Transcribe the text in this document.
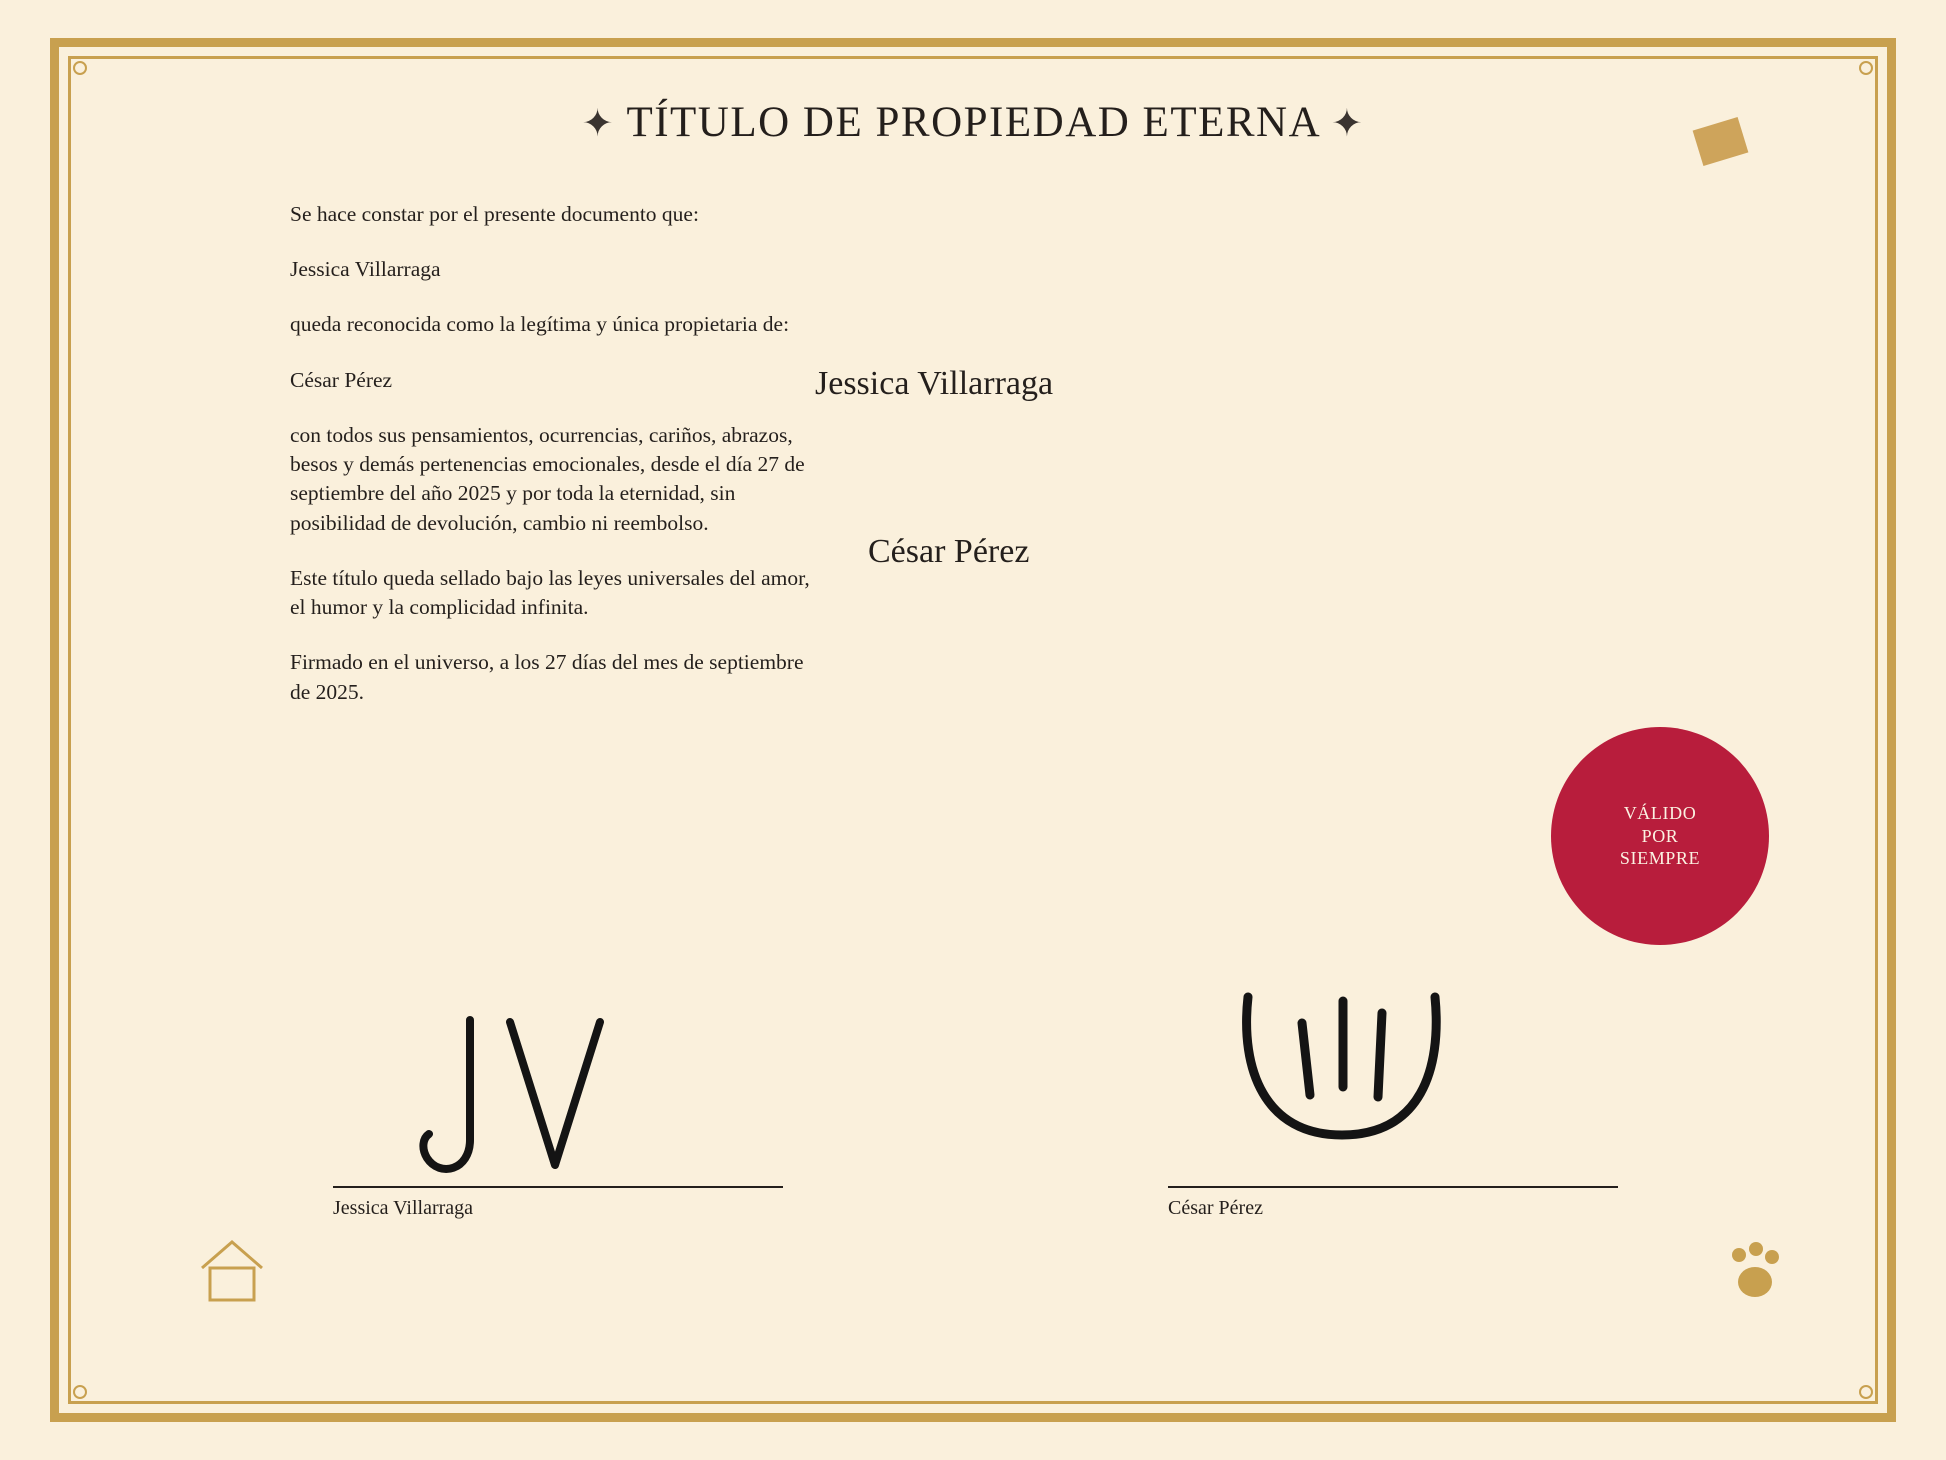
✦ TÍTULO DE PROPIEDAD ETERNA ✦

Se hace constar por el presente documento que:

Jessica Villarraga

queda reconocida como la legítima y única propietaria de:

César Pérez

con todos sus pensamientos, ocurrencias, cariños, abrazos, besos y demás pertenencias emocionales, desde el día 27 de septiembre del año 2025 y por toda la eternidad, sin posibilidad de devolución, cambio ni reembolso.

Este título queda sellado bajo las leyes universales del amor, el humor y la complicidad infinita.

Firmado en el universo, a los 27 días del mes de septiembre de 2025.

Jessica Villarraga
César Pérez
VÁLIDO
POR
SIEMPRE
Jessica Villarraga	César Pérez
